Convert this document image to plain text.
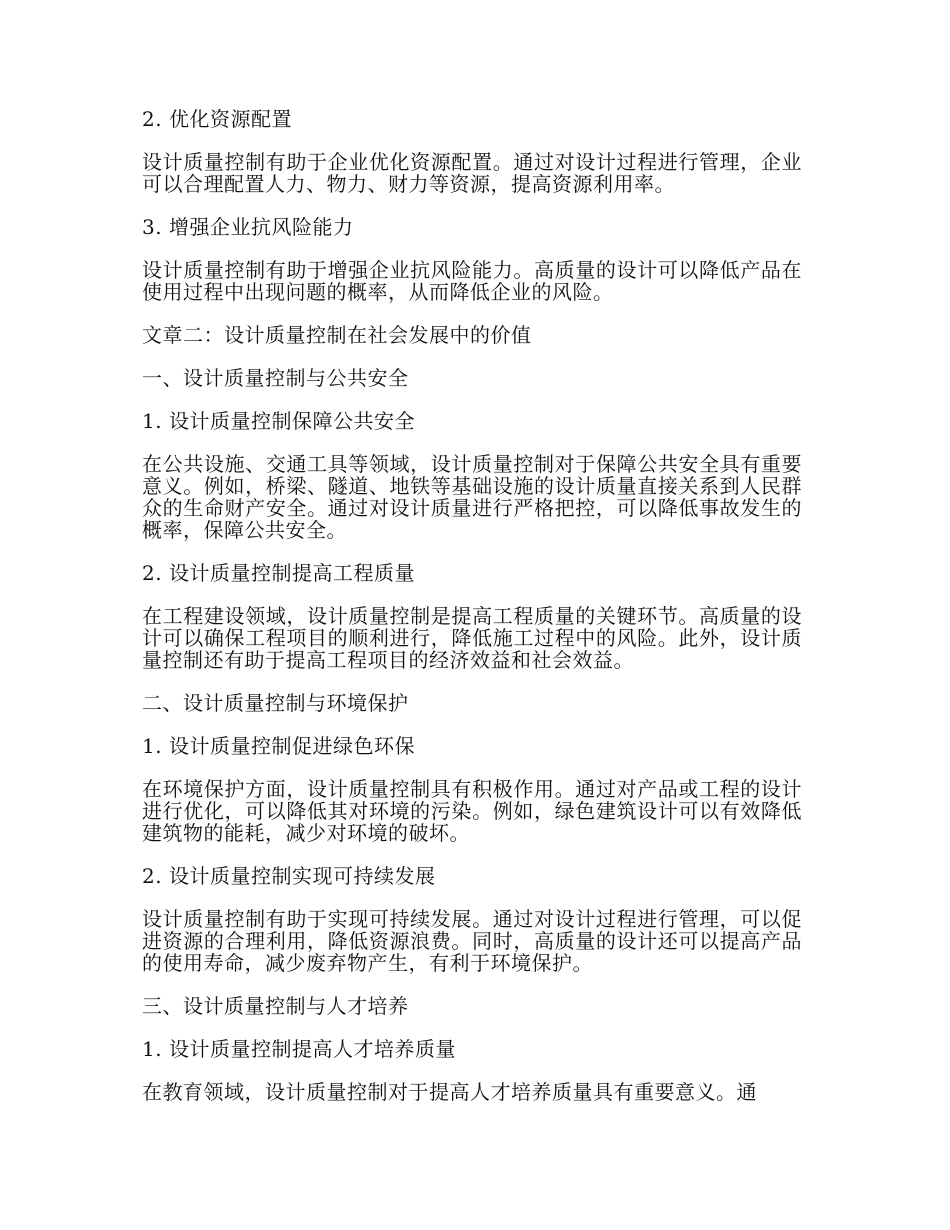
2. 优化资源配置

设计质量控制有助于企业优化资源配置。通过对设计过程进行管理，企业可以合理配置人力、物力、财力等资源，提高资源利用率。

3. 增强企业抗风险能力

设计质量控制有助于增强企业抗风险能力。高质量的设计可以降低产品在使用过程中出现问题的概率，从而降低企业的风险。

文章二：设计质量控制在社会发展中的价值

一、设计质量控制与公共安全

1. 设计质量控制保障公共安全

在公共设施、交通工具等领域，设计质量控制对于保障公共安全具有重要意义。例如，桥梁、隧道、地铁等基础设施的设计质量直接关系到人民群众的生命财产安全。通过对设计质量进行严格把控，可以降低事故发生的概率，保障公共安全。

2. 设计质量控制提高工程质量

在工程建设领域，设计质量控制是提高工程质量的关键环节。高质量的设计可以确保工程项目的顺利进行，降低施工过程中的风险。此外，设计质量控制还有助于提高工程项目的经济效益和社会效益。

二、设计质量控制与环境保护

1. 设计质量控制促进绿色环保

在环境保护方面，设计质量控制具有积极作用。通过对产品或工程的设计进行优化，可以降低其对环境的污染。例如，绿色建筑设计可以有效降低建筑物的能耗，减少对环境的破坏。

2. 设计质量控制实现可持续发展

设计质量控制有助于实现可持续发展。通过对设计过程进行管理，可以促进资源的合理利用，降低资源浪费。同时，高质量的设计还可以提高产品的使用寿命，减少废弃物产生，有利于环境保护。

三、设计质量控制与人才培养

1. 设计质量控制提高人才培养质量

在教育领域，设计质量控制对于提高人才培养质量具有重要意义。通
